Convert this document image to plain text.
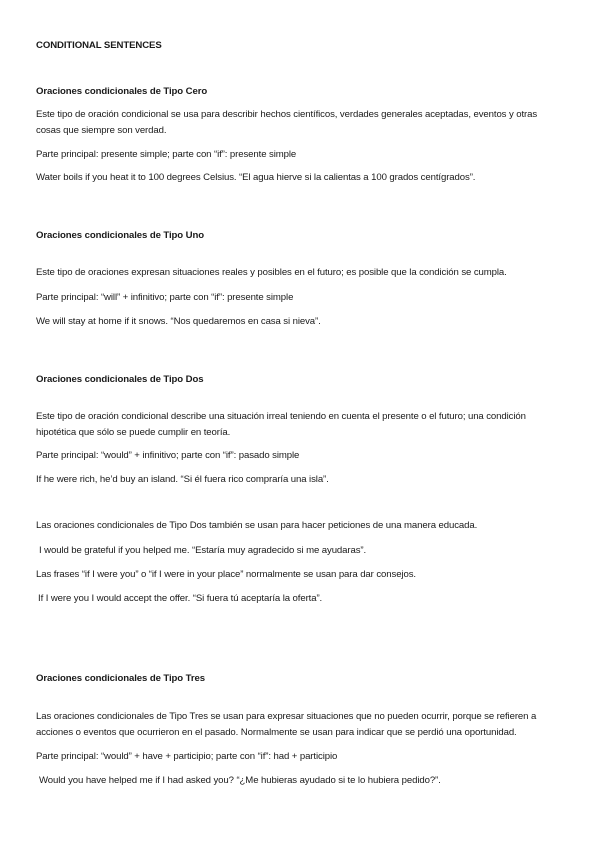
CONDITIONAL SENTENCES
Oraciones condicionales de Tipo Cero
Este tipo de oración condicional se usa para describir hechos científicos, verdades generales aceptadas, eventos y otras cosas que siempre son verdad.
Parte principal: presente simple; parte con “if”: presente simple
Water boils if you heat it to 100 degrees Celsius. “El agua hierve si la calientas a 100 grados centígrados”.
Oraciones condicionales de Tipo Uno
Este tipo de oraciones expresan situaciones reales y posibles en el futuro; es posible que la condición se cumpla.
Parte principal: “will” + infinitivo; parte con “if”: presente simple
We will stay at home if it snows. “Nos quedaremos en casa si nieva”.
Oraciones condicionales de Tipo Dos
Este tipo de oración condicional describe una situación irreal teniendo en cuenta el presente o el futuro; una condición hipotética que sólo se puede cumplir en teoría.
Parte principal: “would” + infinitivo; parte con “if”: pasado simple
If he were rich, he’d buy an island. “Si él fuera rico compraría una isla”.
Las oraciones condicionales de Tipo Dos también se usan para hacer peticiones de una manera educada.
I would be grateful if you helped me. “Estaría muy agradecido si me ayudaras”.
Las frases “if I were you” o “if I were in your place” normalmente se usan para dar consejos.
If I were you I would accept the offer. “Si fuera tú aceptaría la oferta”.
Oraciones condicionales de Tipo Tres
Las oraciones condicionales de Tipo Tres se usan para expresar situaciones que no pueden ocurrir, porque se refieren a acciones o eventos que ocurrieron en el pasado. Normalmente se usan para indicar que se perdió una oportunidad.
Parte principal: “would” + have + participio; parte con “if”: had + participio
Would you have helped me if I had asked you? “¿Me hubieras ayudado si te lo hubiera pedido?”.
